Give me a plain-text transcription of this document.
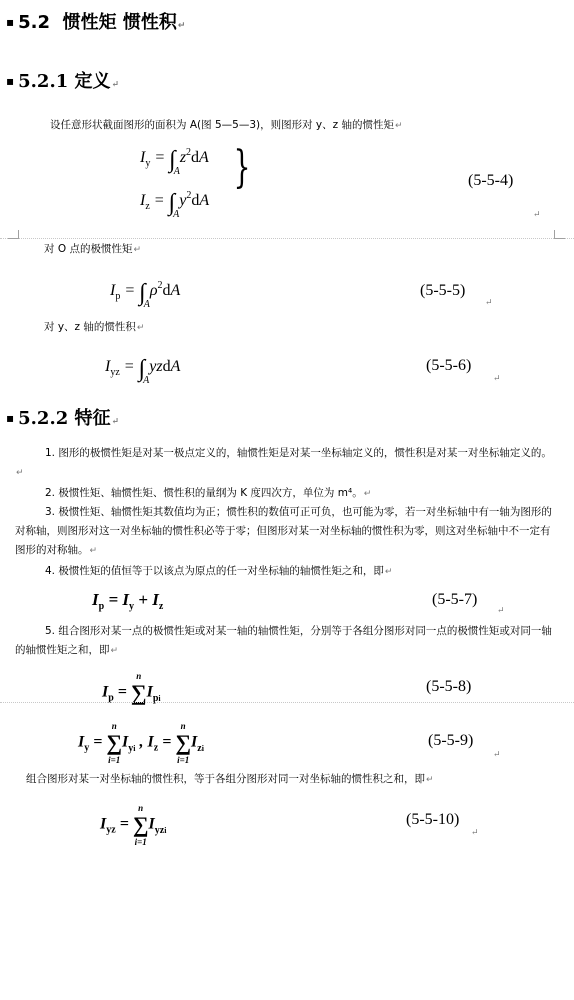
▪ 5.2 惯性矩 惯性积↵
▪ 5.2.1 定义↵
设任意形状截面图形的面积为 A(图 5—5—3)，则图形对 y、z 轴的惯性矩↵
$I_y = \int_Az^2dA$
$I_z = \int_Ay^2dA$
}	(5-5-4)
↵
对 O 点的极惯性矩↵
$I_p = \int_A\rho^2dA$	(5-5-5)
↵
对 y、z 轴的惯性积↵
$I_{yz}$ = $\int_AyzdA$	(5-5-6)
↵
▪ 5.2.2 特征↵
1. 图形的极惯性矩是对某一极点定义的，轴惯性矩是对某一坐标轴定义的，惯性积是对某一对坐标轴定义的。↵
2. 极惯性矩、轴惯性矩、惯性积的量纲为 K 度四次方，单位为 m⁴。↵
3. 极惯性矩、轴惯性矩其数值均为正；惯性积的数值可正可负，也可能为零，若一对坐标轴中有一轴为图形的对称轴，则图形对这一对坐标轴的惯性积必等于零；但图形对某一对坐标轴的惯性积为零，则这对坐标轴中不一定有图形的对称轴。↵
4. 极惯性矩的值恒等于以该点为原点的任一对坐标轴的轴惯性矩之和，即↵
$I_p = I_y + I_z$	(5-5-7)
↵
5. 组合图形对某一点的极惯性矩或对某一轴的轴惯性矩，分别等于各组分图形对同一点的极惯性矩或对同一轴的轴惯性矩之和，即↵
$I_p$ =
n
∑
$I_{pi}$
(5-5-8)
$I_y$ =
n
∑
i=1
$I_{yi}$ , $I_z$ =
n
∑
i=1
$I_{zi}$	(5-5-9)
↵
组合图形对某一对坐标轴的惯性积，等于各组分图形对同一对坐标轴的惯性积之和，即↵
$I_{yz}$ =
n
∑
i=1
$I_{yzi}$
(5-5-10)
↵
